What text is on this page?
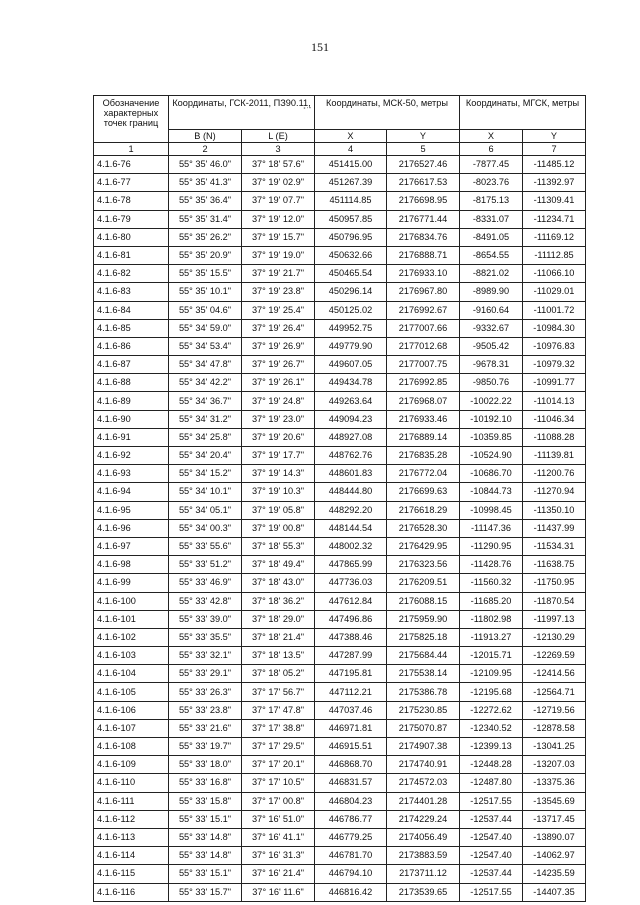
151
Обозначение характерных точек границ	Координаты, ГСК-2011, ПЗ90.11,
° ' "		Координаты, МСК-50, метры		Координаты, МГСК, метры	
	B (N)	L (E)	X	Y	X	Y
1	2	3	4	5	6	7
4.1.6-76	55° 35' 46.0"	37° 18' 57.6"	451415.00	2176527.46	-7877.45	-11485.12
4.1.6-77	55° 35' 41.3"	37° 19' 02.9"	451267.39	2176617.53	-8023.76	-11392.97
4.1.6-78	55° 35' 36.4"	37° 19' 07.7"	451114.85	2176698.95	-8175.13	-11309.41
4.1.6-79	55° 35' 31.4"	37° 19' 12.0"	450957.85	2176771.44	-8331.07	-11234.71
4.1.6-80	55° 35' 26.2"	37° 19' 15.7"	450796.95	2176834.76	-8491.05	-11169.12
4.1.6-81	55° 35' 20.9"	37° 19' 19.0"	450632.66	2176888.71	-8654.55	-11112.85
4.1.6-82	55° 35' 15.5"	37° 19' 21.7"	450465.54	2176933.10	-8821.02	-11066.10
4.1.6-83	55° 35' 10.1"	37° 19' 23.8"	450296.14	2176967.80	-8989.90	-11029.01
4.1.6-84	55° 35' 04.6"	37° 19' 25.4"	450125.02	2176992.67	-9160.64	-11001.72
4.1.6-85	55° 34' 59.0"	37° 19' 26.4"	449952.75	2177007.66	-9332.67	-10984.30
4.1.6-86	55° 34' 53.4"	37° 19' 26.9"	449779.90	2177012.68	-9505.42	-10976.83
4.1.6-87	55° 34' 47.8"	37° 19' 26.7"	449607.05	2177007.75	-9678.31	-10979.32
4.1.6-88	55° 34' 42.2"	37° 19' 26.1"	449434.78	2176992.85	-9850.76	-10991.77
4.1.6-89	55° 34' 36.7"	37° 19' 24.8"	449263.64	2176968.07	-10022.22	-11014.13
4.1.6-90	55° 34' 31.2"	37° 19' 23.0"	449094.23	2176933.46	-10192.10	-11046.34
4.1.6-91	55° 34' 25.8"	37° 19' 20.6"	448927.08	2176889.14	-10359.85	-11088.28
4.1.6-92	55° 34' 20.4"	37° 19' 17.7"	448762.76	2176835.28	-10524.90	-11139.81
4.1.6-93	55° 34' 15.2"	37° 19' 14.3"	448601.83	2176772.04	-10686.70	-11200.76
4.1.6-94	55° 34' 10.1"	37° 19' 10.3"	448444.80	2176699.63	-10844.73	-11270.94
4.1.6-95	55° 34' 05.1"	37° 19' 05.8"	448292.20	2176618.29	-10998.45	-11350.10
4.1.6-96	55° 34' 00.3"	37° 19' 00.8"	448144.54	2176528.30	-11147.36	-11437.99
4.1.6-97	55° 33' 55.6"	37° 18' 55.3"	448002.32	2176429.95	-11290.95	-11534.31
4.1.6-98	55° 33' 51.2"	37° 18' 49.4"	447865.99	2176323.56	-11428.76	-11638.75
4.1.6-99	55° 33' 46.9"	37° 18' 43.0"	447736.03	2176209.51	-11560.32	-11750.95
4.1.6-100	55° 33' 42.8"	37° 18' 36.2"	447612.84	2176088.15	-11685.20	-11870.54
4.1.6-101	55° 33' 39.0"	37° 18' 29.0"	447496.86	2175959.90	-11802.98	-11997.13
4.1.6-102	55° 33' 35.5"	37° 18' 21.4"	447388.46	2175825.18	-11913.27	-12130.29
4.1.6-103	55° 33' 32.1"	37° 18' 13.5"	447287.99	2175684.44	-12015.71	-12269.59
4.1.6-104	55° 33' 29.1"	37° 18' 05.2"	447195.81	2175538.14	-12109.95	-12414.56
4.1.6-105	55° 33' 26.3"	37° 17' 56.7"	447112.21	2175386.78	-12195.68	-12564.71
4.1.6-106	55° 33' 23.8"	37° 17' 47.8"	447037.46	2175230.85	-12272.62	-12719.56
4.1.6-107	55° 33' 21.6"	37° 17' 38.8"	446971.81	2175070.87	-12340.52	-12878.58
4.1.6-108	55° 33' 19.7"	37° 17' 29.5"	446915.51	2174907.38	-12399.13	-13041.25
4.1.6-109	55° 33' 18.0"	37° 17' 20.1"	446868.70	2174740.91	-12448.28	-13207.03
4.1.6-110	55° 33' 16.8"	37° 17' 10.5"	446831.57	2174572.03	-12487.80	-13375.36
4.1.6-111	55° 33' 15.8"	37° 17' 00.8"	446804.23	2174401.28	-12517.55	-13545.69
4.1.6-112	55° 33' 15.1"	37° 16' 51.0"	446786.77	2174229.24	-12537.44	-13717.45
4.1.6-113	55° 33' 14.8"	37° 16' 41.1"	446779.25	2174056.49	-12547.40	-13890.07
4.1.6-114	55° 33' 14.8"	37° 16' 31.3"	446781.70	2173883.59	-12547.40	-14062.97
4.1.6-115	55° 33' 15.1"	37° 16' 21.4"	446794.10	2173711.12	-12537.44	-14235.59
4.1.6-116	55° 33' 15.7"	37° 16' 11.6"	446816.42	2173539.65	-12517.55	-14407.35
